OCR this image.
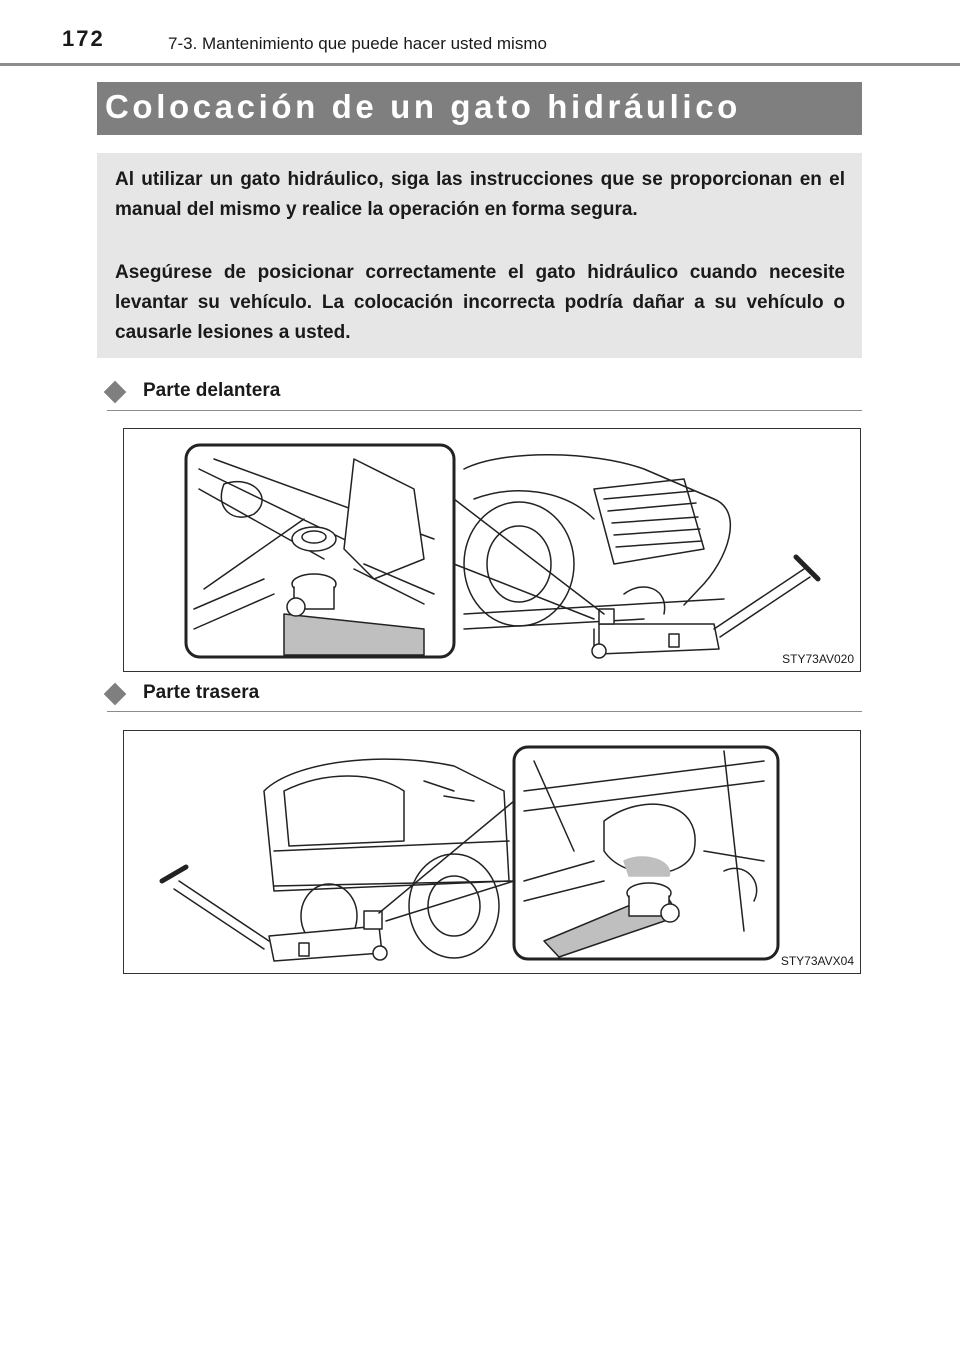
172	7-3. Mantenimiento que puede hacer usted mismo
Colocación de un gato hidráulico

Al utilizar un gato hidráulico, siga las instrucciones que se proporcionan en el manual del mismo y realice la operación en forma segura.

Asegúrese de posicionar correctamente el gato hidráulico cuando necesite levantar su vehículo. La colocación incorrecta podría dañar a su vehículo o causarle lesiones a usted.

Parte delantera
STY73AV020
Parte trasera
STY73AVX04
